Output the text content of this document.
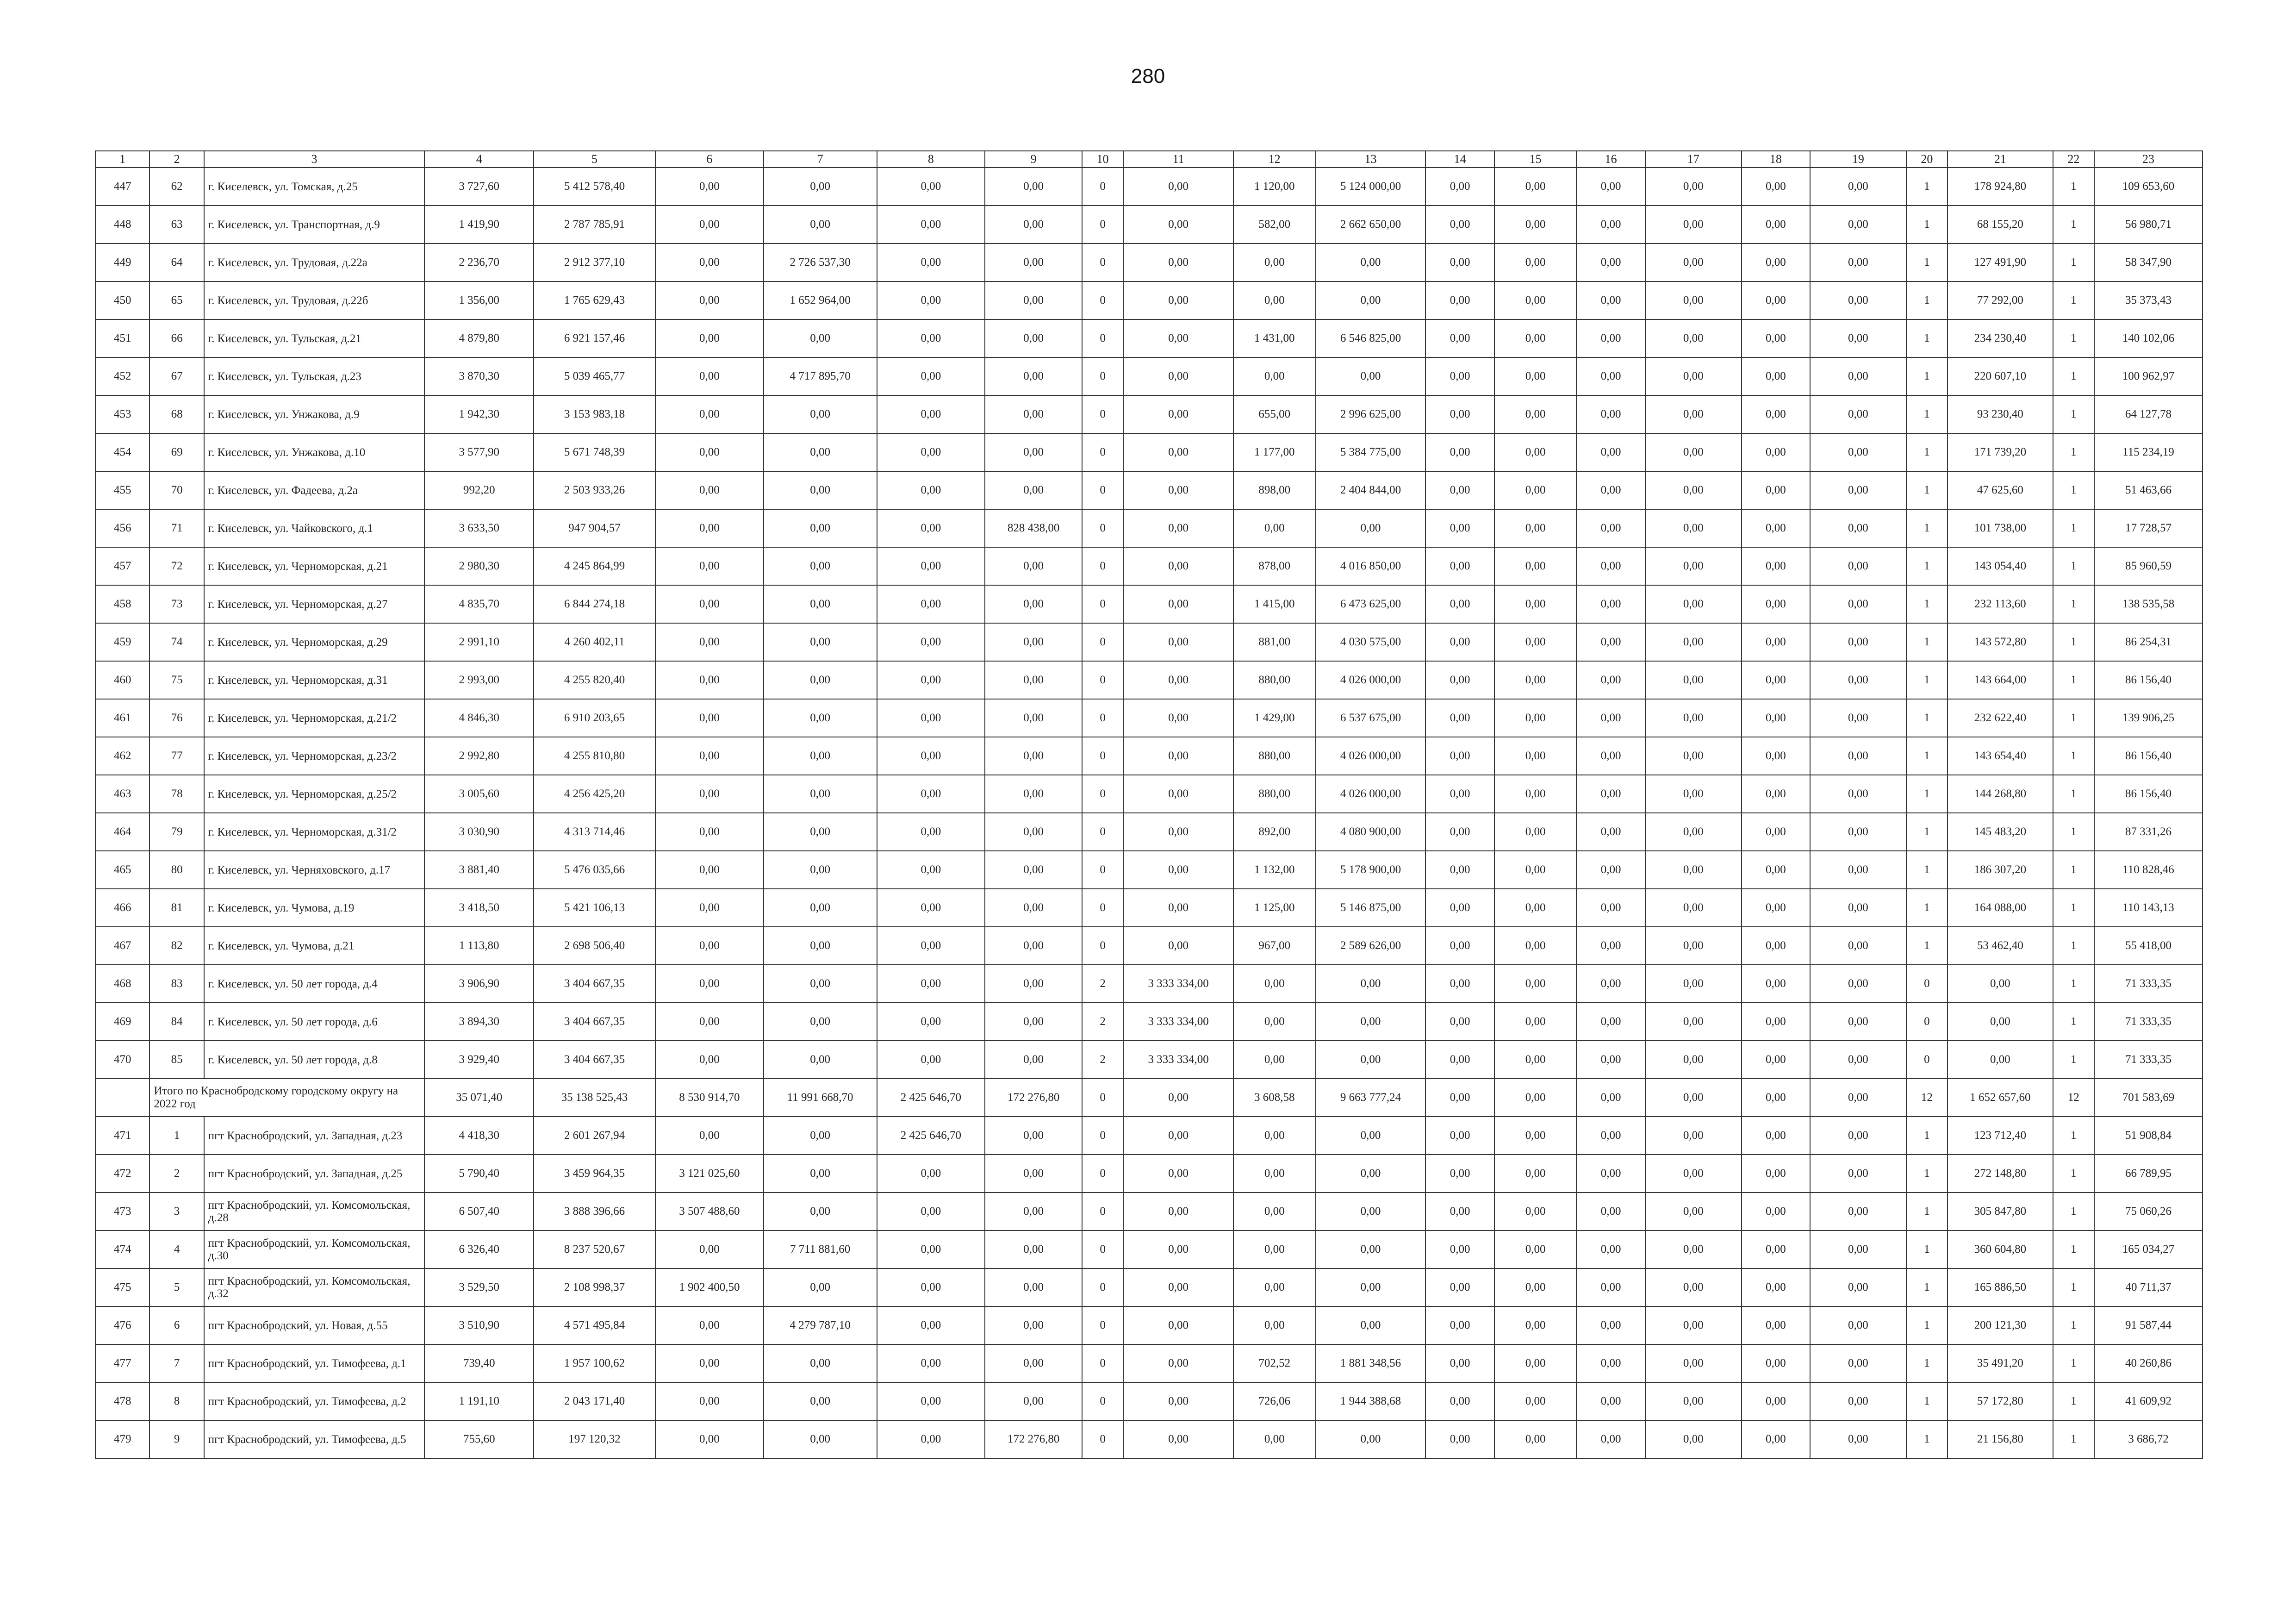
280
1	2	3	4	5	6	7	8	9	10	11	12	13	14	15	16	17	18	19	20	21	22	23
447	62	г. Киселевск, ул. Томская, д.25	3 727,60	5 412 578,40	0,00	0,00	0,00	0,00	0	0,00	1 120,00	5 124 000,00	0,00	0,00	0,00	0,00	0,00	0,00	1	178 924,80	1	109 653,60
448	63	г. Киселевск, ул. Транспортная, д.9	1 419,90	2 787 785,91	0,00	0,00	0,00	0,00	0	0,00	582,00	2 662 650,00	0,00	0,00	0,00	0,00	0,00	0,00	1	68 155,20	1	56 980,71
449	64	г. Киселевск, ул. Трудовая, д.22а	2 236,70	2 912 377,10	0,00	2 726 537,30	0,00	0,00	0	0,00	0,00	0,00	0,00	0,00	0,00	0,00	0,00	0,00	1	127 491,90	1	58 347,90
450	65	г. Киселевск, ул. Трудовая, д.22б	1 356,00	1 765 629,43	0,00	1 652 964,00	0,00	0,00	0	0,00	0,00	0,00	0,00	0,00	0,00	0,00	0,00	0,00	1	77 292,00	1	35 373,43
451	66	г. Киселевск, ул. Тульская, д.21	4 879,80	6 921 157,46	0,00	0,00	0,00	0,00	0	0,00	1 431,00	6 546 825,00	0,00	0,00	0,00	0,00	0,00	0,00	1	234 230,40	1	140 102,06
452	67	г. Киселевск, ул. Тульская, д.23	3 870,30	5 039 465,77	0,00	4 717 895,70	0,00	0,00	0	0,00	0,00	0,00	0,00	0,00	0,00	0,00	0,00	0,00	1	220 607,10	1	100 962,97
453	68	г. Киселевск, ул. Унжакова, д.9	1 942,30	3 153 983,18	0,00	0,00	0,00	0,00	0	0,00	655,00	2 996 625,00	0,00	0,00	0,00	0,00	0,00	0,00	1	93 230,40	1	64 127,78
454	69	г. Киселевск, ул. Унжакова, д.10	3 577,90	5 671 748,39	0,00	0,00	0,00	0,00	0	0,00	1 177,00	5 384 775,00	0,00	0,00	0,00	0,00	0,00	0,00	1	171 739,20	1	115 234,19
455	70	г. Киселевск, ул. Фадеева, д.2а	992,20	2 503 933,26	0,00	0,00	0,00	0,00	0	0,00	898,00	2 404 844,00	0,00	0,00	0,00	0,00	0,00	0,00	1	47 625,60	1	51 463,66
456	71	г. Киселевск, ул. Чайковского, д.1	3 633,50	947 904,57	0,00	0,00	0,00	828 438,00	0	0,00	0,00	0,00	0,00	0,00	0,00	0,00	0,00	0,00	1	101 738,00	1	17 728,57
457	72	г. Киселевск, ул. Черноморская, д.21	2 980,30	4 245 864,99	0,00	0,00	0,00	0,00	0	0,00	878,00	4 016 850,00	0,00	0,00	0,00	0,00	0,00	0,00	1	143 054,40	1	85 960,59
458	73	г. Киселевск, ул. Черноморская, д.27	4 835,70	6 844 274,18	0,00	0,00	0,00	0,00	0	0,00	1 415,00	6 473 625,00	0,00	0,00	0,00	0,00	0,00	0,00	1	232 113,60	1	138 535,58
459	74	г. Киселевск, ул. Черноморская, д.29	2 991,10	4 260 402,11	0,00	0,00	0,00	0,00	0	0,00	881,00	4 030 575,00	0,00	0,00	0,00	0,00	0,00	0,00	1	143 572,80	1	86 254,31
460	75	г. Киселевск, ул. Черноморская, д.31	2 993,00	4 255 820,40	0,00	0,00	0,00	0,00	0	0,00	880,00	4 026 000,00	0,00	0,00	0,00	0,00	0,00	0,00	1	143 664,00	1	86 156,40
461	76	г. Киселевск, ул. Черноморская, д.21/2	4 846,30	6 910 203,65	0,00	0,00	0,00	0,00	0	0,00	1 429,00	6 537 675,00	0,00	0,00	0,00	0,00	0,00	0,00	1	232 622,40	1	139 906,25
462	77	г. Киселевск, ул. Черноморская, д.23/2	2 992,80	4 255 810,80	0,00	0,00	0,00	0,00	0	0,00	880,00	4 026 000,00	0,00	0,00	0,00	0,00	0,00	0,00	1	143 654,40	1	86 156,40
463	78	г. Киселевск, ул. Черноморская, д.25/2	3 005,60	4 256 425,20	0,00	0,00	0,00	0,00	0	0,00	880,00	4 026 000,00	0,00	0,00	0,00	0,00	0,00	0,00	1	144 268,80	1	86 156,40
464	79	г. Киселевск, ул. Черноморская, д.31/2	3 030,90	4 313 714,46	0,00	0,00	0,00	0,00	0	0,00	892,00	4 080 900,00	0,00	0,00	0,00	0,00	0,00	0,00	1	145 483,20	1	87 331,26
465	80	г. Киселевск, ул. Черняховского, д.17	3 881,40	5 476 035,66	0,00	0,00	0,00	0,00	0	0,00	1 132,00	5 178 900,00	0,00	0,00	0,00	0,00	0,00	0,00	1	186 307,20	1	110 828,46
466	81	г. Киселевск, ул. Чумова, д.19	3 418,50	5 421 106,13	0,00	0,00	0,00	0,00	0	0,00	1 125,00	5 146 875,00	0,00	0,00	0,00	0,00	0,00	0,00	1	164 088,00	1	110 143,13
467	82	г. Киселевск, ул. Чумова, д.21	1 113,80	2 698 506,40	0,00	0,00	0,00	0,00	0	0,00	967,00	2 589 626,00	0,00	0,00	0,00	0,00	0,00	0,00	1	53 462,40	1	55 418,00
468	83	г. Киселевск, ул. 50 лет города, д.4	3 906,90	3 404 667,35	0,00	0,00	0,00	0,00	2	3 333 334,00	0,00	0,00	0,00	0,00	0,00	0,00	0,00	0,00	0	0,00	1	71 333,35
469	84	г. Киселевск, ул. 50 лет города, д.6	3 894,30	3 404 667,35	0,00	0,00	0,00	0,00	2	3 333 334,00	0,00	0,00	0,00	0,00	0,00	0,00	0,00	0,00	0	0,00	1	71 333,35
470	85	г. Киселевск, ул. 50 лет города, д.8	3 929,40	3 404 667,35	0,00	0,00	0,00	0,00	2	3 333 334,00	0,00	0,00	0,00	0,00	0,00	0,00	0,00	0,00	0	0,00	1	71 333,35
	Итого по Краснобродскому городскому округу на 2022 год		35 071,40	35 138 525,43	8 530 914,70	11 991 668,70	2 425 646,70	172 276,80	0	0,00	3 608,58	9 663 777,24	0,00	0,00	0,00	0,00	0,00	0,00	12	1 652 657,60	12	701 583,69
471	1	пгт Краснобродский, ул. Западная, д.23	4 418,30	2 601 267,94	0,00	0,00	2 425 646,70	0,00	0	0,00	0,00	0,00	0,00	0,00	0,00	0,00	0,00	0,00	1	123 712,40	1	51 908,84
472	2	пгт Краснобродский, ул. Западная, д.25	5 790,40	3 459 964,35	3 121 025,60	0,00	0,00	0,00	0	0,00	0,00	0,00	0,00	0,00	0,00	0,00	0,00	0,00	1	272 148,80	1	66 789,95
473	3	пгт Краснобродский, ул. Комсомольская, д.28	6 507,40	3 888 396,66	3 507 488,60	0,00	0,00	0,00	0	0,00	0,00	0,00	0,00	0,00	0,00	0,00	0,00	0,00	1	305 847,80	1	75 060,26
474	4	пгт Краснобродский, ул. Комсомольская, д.30	6 326,40	8 237 520,67	0,00	7 711 881,60	0,00	0,00	0	0,00	0,00	0,00	0,00	0,00	0,00	0,00	0,00	0,00	1	360 604,80	1	165 034,27
475	5	пгт Краснобродский, ул. Комсомольская, д.32	3 529,50	2 108 998,37	1 902 400,50	0,00	0,00	0,00	0	0,00	0,00	0,00	0,00	0,00	0,00	0,00	0,00	0,00	1	165 886,50	1	40 711,37
476	6	пгт Краснобродский, ул. Новая, д.55	3 510,90	4 571 495,84	0,00	4 279 787,10	0,00	0,00	0	0,00	0,00	0,00	0,00	0,00	0,00	0,00	0,00	0,00	1	200 121,30	1	91 587,44
477	7	пгт Краснобродский, ул. Тимофеева, д.1	739,40	1 957 100,62	0,00	0,00	0,00	0,00	0	0,00	702,52	1 881 348,56	0,00	0,00	0,00	0,00	0,00	0,00	1	35 491,20	1	40 260,86
478	8	пгт Краснобродский, ул. Тимофеева, д.2	1 191,10	2 043 171,40	0,00	0,00	0,00	0,00	0	0,00	726,06	1 944 388,68	0,00	0,00	0,00	0,00	0,00	0,00	1	57 172,80	1	41 609,92
479	9	пгт Краснобродский, ул. Тимофеева, д.5	755,60	197 120,32	0,00	0,00	0,00	172 276,80	0	0,00	0,00	0,00	0,00	0,00	0,00	0,00	0,00	0,00	1	21 156,80	1	3 686,72
